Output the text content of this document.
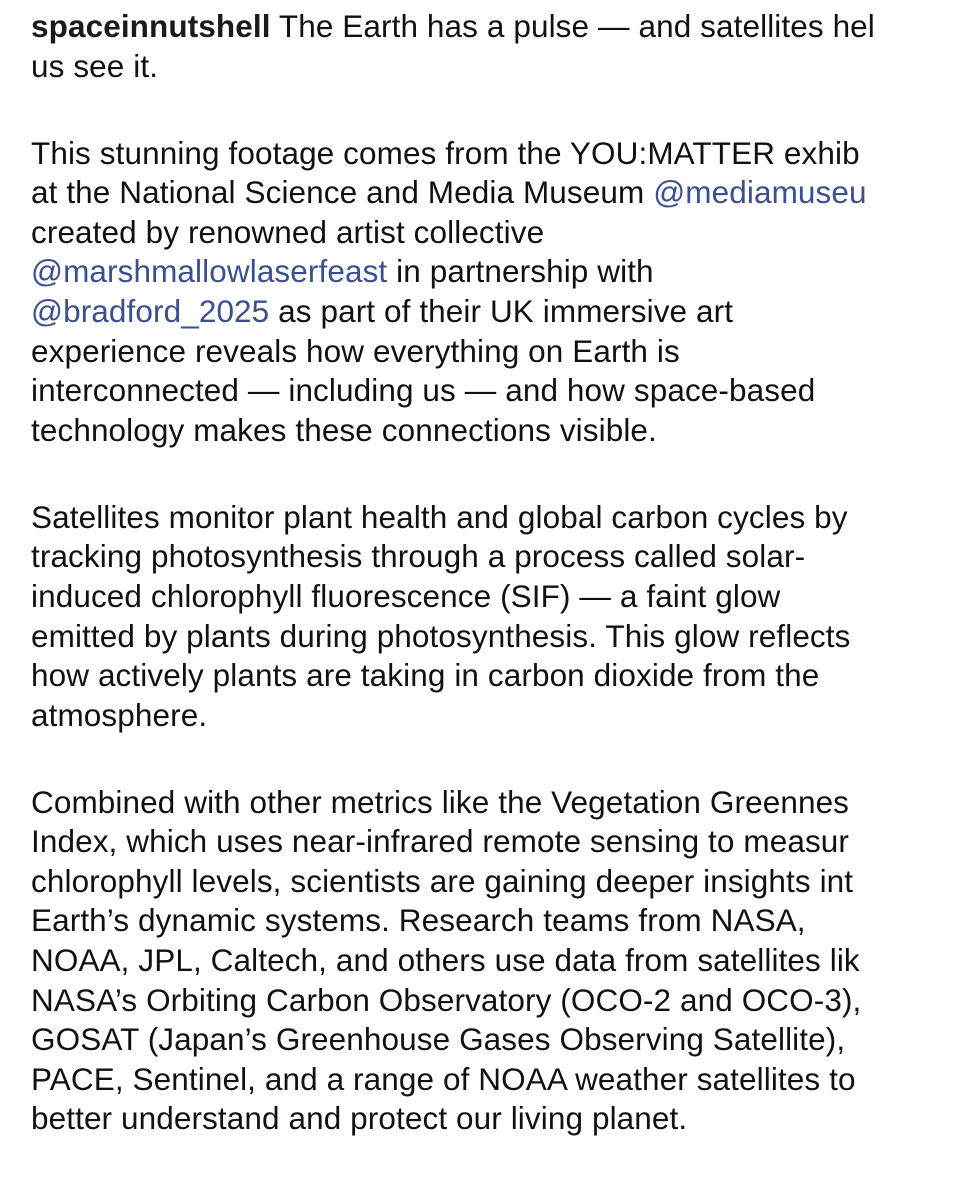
spaceinnutshell The Earth has a pulse — and satellites hel
us see it.
This stunning footage comes from the YOU:MATTER exhib
at the National Science and Media Museum @mediamuseu
created by renowned artist collective
@marshmallowlaserfeast in partnership with
@bradford_2025 as part of their UK immersive art
experience reveals how everything on Earth is
interconnected — including us — and how space-based
technology makes these connections visible.
Satellites monitor plant health and global carbon cycles by
tracking photosynthesis through a process called solar-
induced chlorophyll fluorescence (SIF) — a faint glow
emitted by plants during photosynthesis. This glow reflects
how actively plants are taking in carbon dioxide from the
atmosphere.
Combined with other metrics like the Vegetation Greennes
Index, which uses near-infrared remote sensing to measur
chlorophyll levels, scientists are gaining deeper insights int
Earth’s dynamic systems. Research teams from NASA,
NOAA, JPL, Caltech, and others use data from satellites lik
NASA’s Orbiting Carbon Observatory (OCO-2 and OCO-3),
GOSAT (Japan’s Greenhouse Gases Observing Satellite),
PACE, Sentinel, and a range of NOAA weather satellites to
better understand and protect our living planet.
